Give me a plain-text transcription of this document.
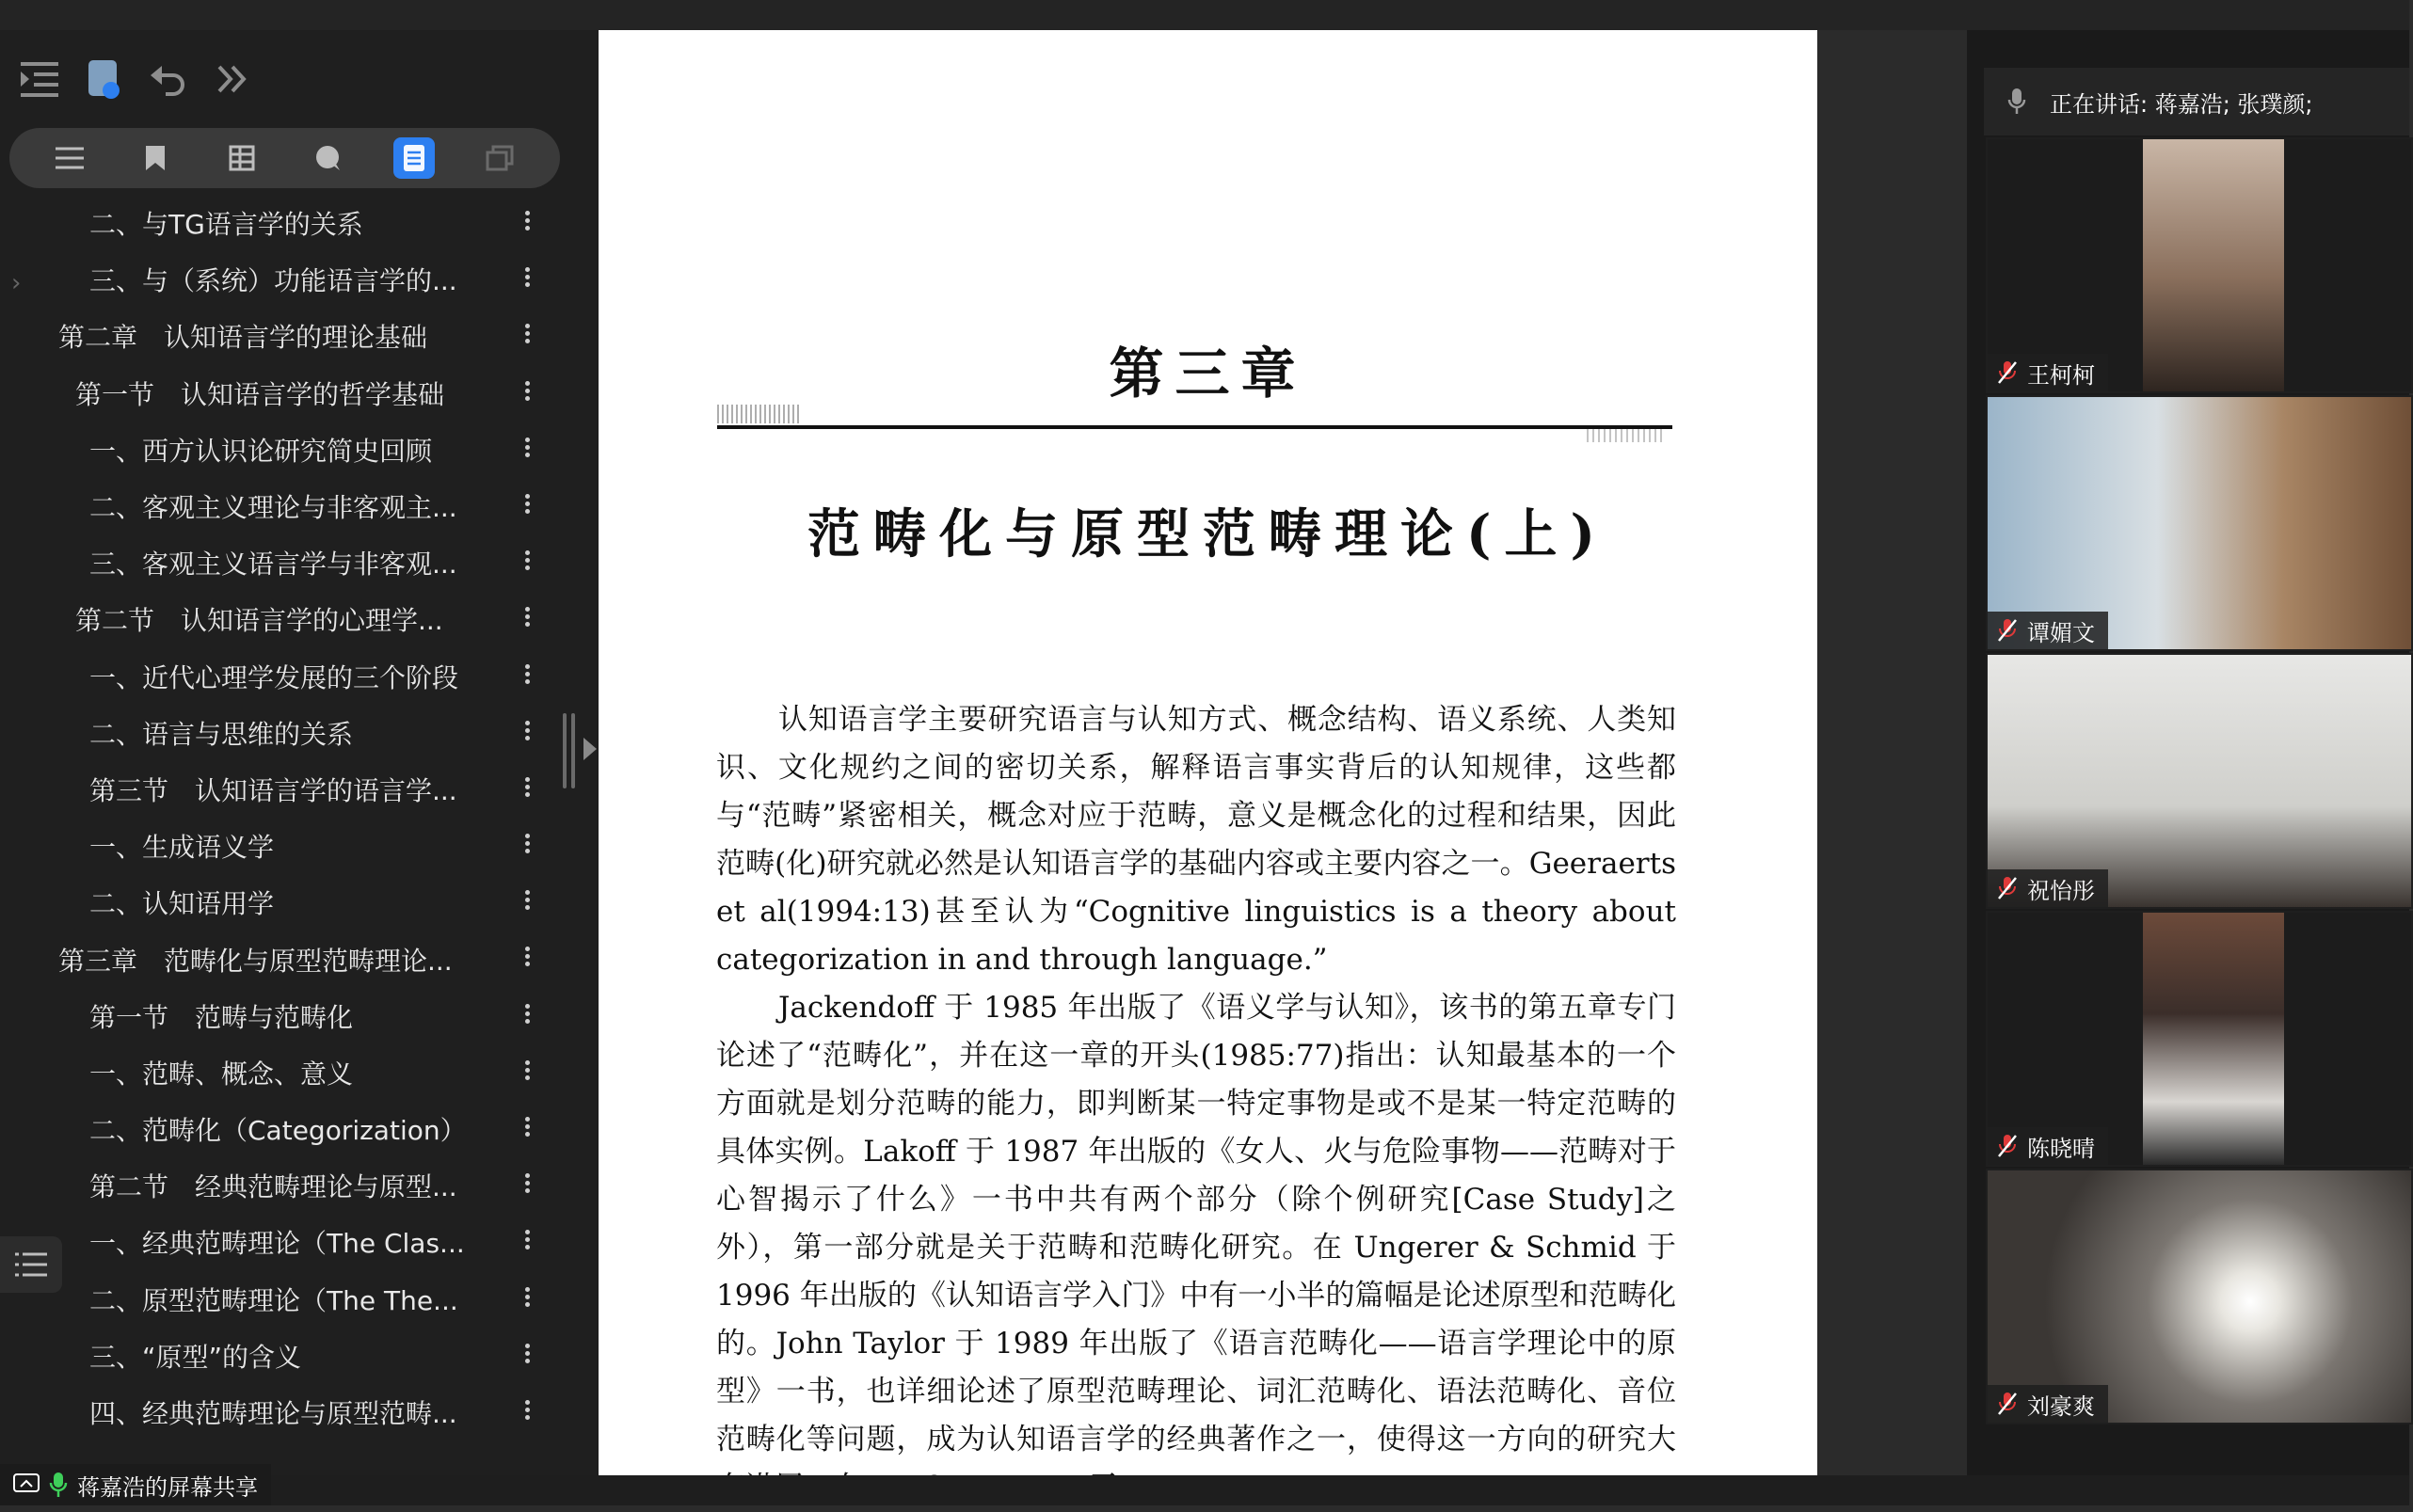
›
二、与TG语言学的关系
三、与（系统）功能语言学的...
第二章　认知语言学的理论基础
第一节　认知语言学的哲学基础
一、西方认识论研究简史回顾
二、客观主义理论与非客观主...
三、客观主义语言学与非客观...
第二节　认知语言学的心理学...
一、近代心理学发展的三个阶段
二、语言与思维的关系
第三节　认知语言学的语言学...
一、生成语义学
二、认知语用学
第三章　范畴化与原型范畴理论...
第一节　范畴与范畴化
一、范畴、概念、意义
二、范畴化（Categorization）
第二节　经典范畴理论与原型...
一、经典范畴理论（The Clas...
二、原型范畴理论（The The...
三、“原型”的含义
四、经典范畴理论与原型范畴...
第三章
范畴化与原型范畴理论(上)

认知语言学主要研究语言与认知方式、概念结构、语义系统、人类知识、文化规约之间的密切关系，解释语言事实背后的认知规律，这些都与“范畴”紧密相关，概念对应于范畴，意义是概念化的过程和结果，因此范畴(化)研究就必然是认知语言学的基础内容或主要内容之一。Geeraerts et al(1994:13)甚至认为“Cognitive linguistics is a theory about categorization in and through language.”

Jackendoff 于 1985 年出版了《语义学与认知》，该书的第五章专门论述了“范畴化”，并在这一章的开头(1985:77)指出：认知最基本的一个方面就是划分范畴的能力，即判断某一特定事物是或不是某一特定范畴的具体实例。Lakoff 于 1987 年出版的《女人、火与危险事物——范畴对于心智揭示了什么》一书中共有两个部分（除个例研究[Case Study]之外），第一部分就是关于范畴和范畴化研究。在 Ungerer & Schmid 于 1996 年出版的《认知语言学入门》中有一小半的篇幅是论述原型和范畴化的。John Taylor 于 1989 年出版了《语言范畴化——语言学理论中的原型》一书，也详细论述了原型范畴理论、词汇范畴化、语法范畴化、音位范畴化等问题，成为认知语言学的经典著作之一，使得这一方向的研究大

正在讲话: 蒋嘉浩; 张璞颜;
王柯柯
谭媚文
祝怡彤
陈晓晴
刘豪爽
蒋嘉浩的屏幕共享
